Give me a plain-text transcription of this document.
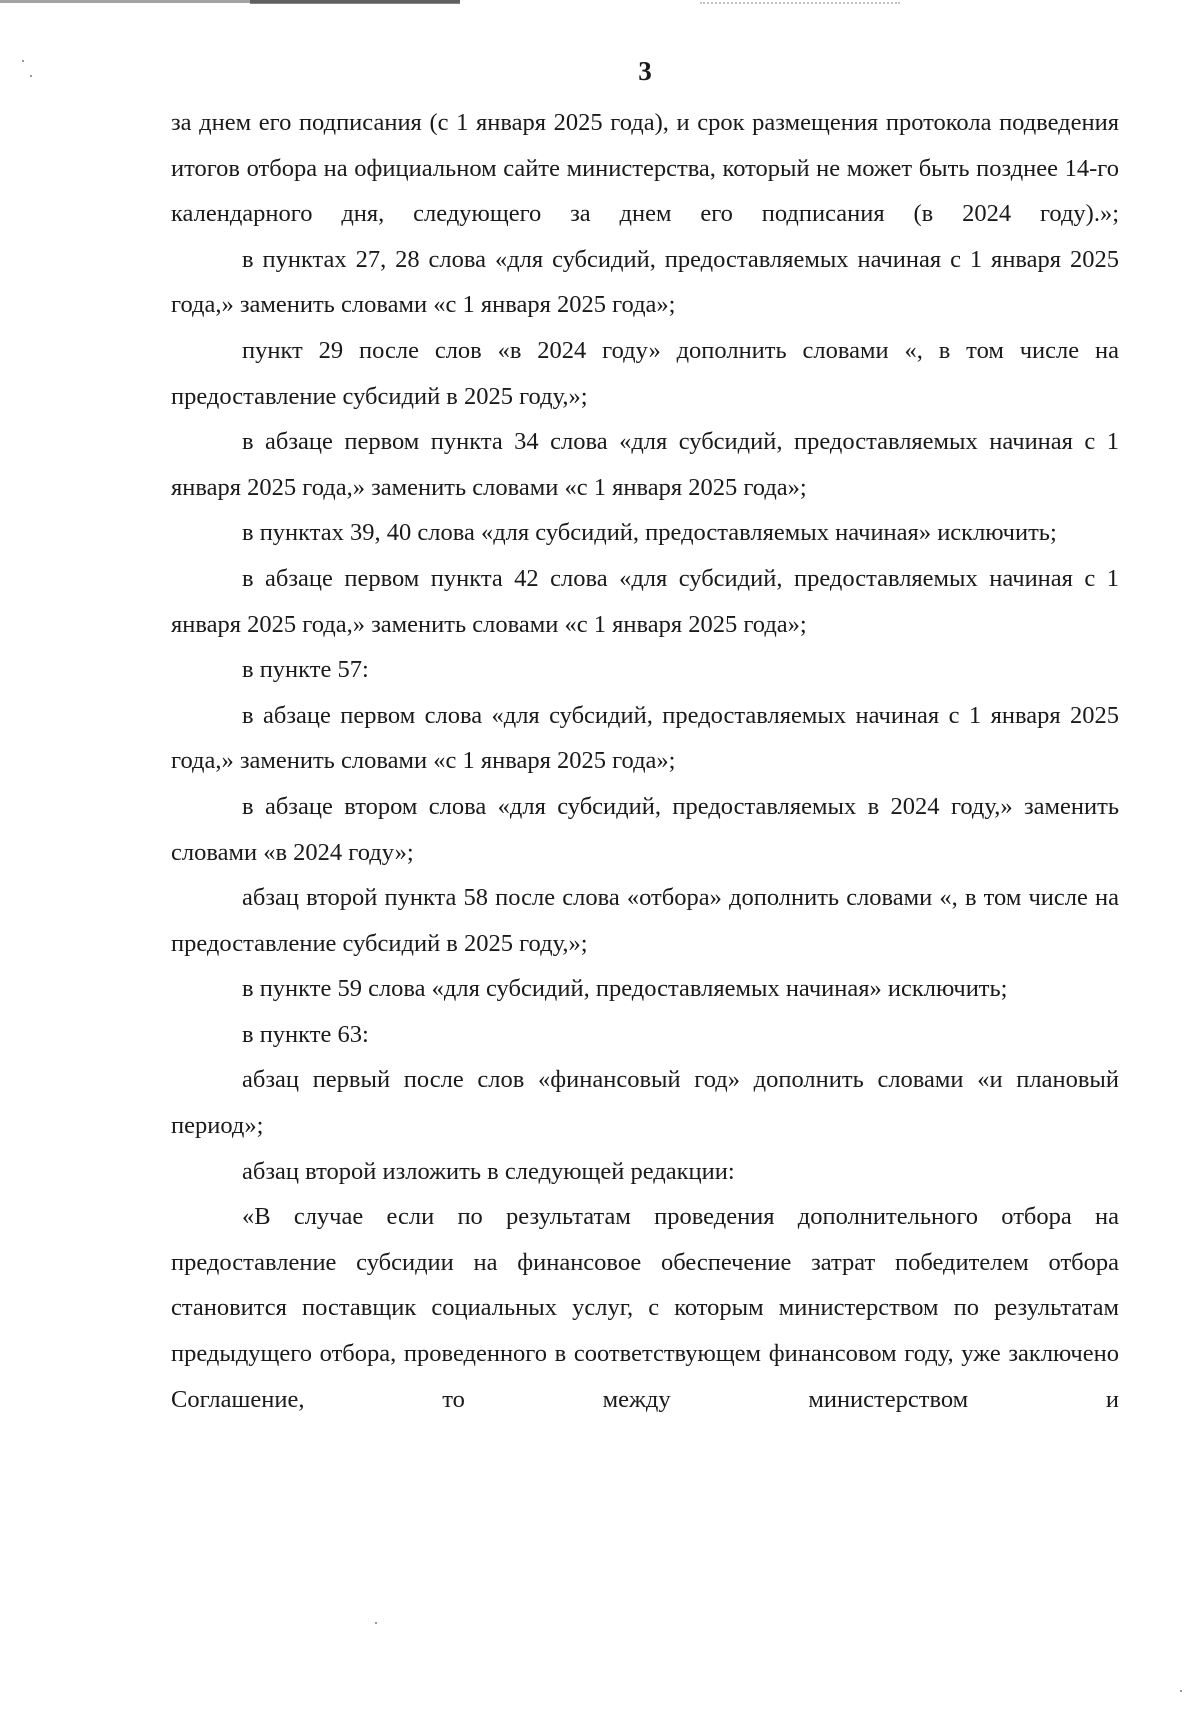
3

за днем его подписания (с 1 января 2025 года), и срок размещения протокола подведения итогов отбора на официальном сайте министерства, который не может быть позднее 14-го календарного дня, следующего за днем его подписания (в 2024 году).»;

в пунктах 27, 28 слова «для субсидий, предоставляемых начиная с 1 января 2025 года,» заменить словами «с 1 января 2025 года»;

пункт 29 после слов «в 2024 году» дополнить словами «, в том числе на предоставление субсидий в 2025 году,»;

в абзаце первом пункта 34 слова «для субсидий, предоставляемых начиная с 1 января 2025 года,» заменить словами «с 1 января 2025 года»;

в пунктах 39, 40 слова «для субсидий, предоставляемых начиная» исключить;

в абзаце первом пункта 42 слова «для субсидий, предоставляемых начиная с 1 января 2025 года,» заменить словами «с 1 января 2025 года»;

в пункте 57:

в абзаце первом слова «для субсидий, предоставляемых начиная с 1 января 2025 года,» заменить словами «с 1 января 2025 года»;

в абзаце втором слова «для субсидий, предоставляемых в 2024 году,» заменить словами «в 2024 году»;

абзац второй пункта 58 после слова «отбора» дополнить словами «, в том числе на предоставление субсидий в 2025 году,»;

в пункте 59 слова «для субсидий, предоставляемых начиная» исключить;

в пункте 63:

абзац первый после слов «финансовый год» дополнить словами «и плановый период»;

абзац второй изложить в следующей редакции:

«В случае если по результатам проведения дополнительного отбора на предоставление субсидии на финансовое обеспечение затрат победителем отбора становится поставщик социальных услуг, с которым министерством по результатам предыдущего отбора, проведенного в соответствующем финансовом году, уже заключено Соглашение, то между министерством и
